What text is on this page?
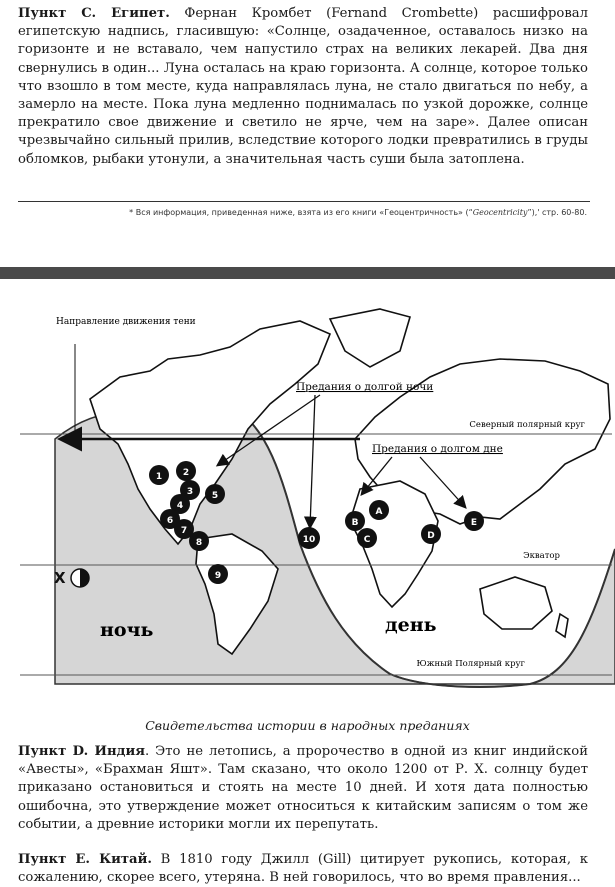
Пункт C. Египет. Фернан Кромбет (Fernand Crombette) расшифровал египетскую надпись, гласившую: «Солнце, озадаченное, оставалось низко на горизонте и не вставало, чем напустило страх на великих лекарей. Два дня свернулись в один... Луна осталась на краю горизонта. А солнце, которое только что взошло в том месте, куда направлялась луна, не стало двигаться по небу, а замерло на месте. Пока луна медленно поднималась по узкой дорожке, солнце прекратило свое движение и светило не ярче, чем на заре». Далее описан чрезвычайно сильный прилив, вследствие которого лодки превратились в груды обломков, рыбаки утонули, а значительная часть суши была затоплена.

* Вся информация, приведенная ниже, взята из его книги «Геоцентричность» (“Geocentricity”),' стр. 60-80.

Северный полярный круг
Экватор
Южный Полярный круг
Направление движения тени
Предания о долгой ночи
Предания о долгом дне
1 2
3
4
5
6
7
8
9
10
A
B
C	D
E
X
ночь	день

Свидетельства истории в народных преданиях

Пункт D. Индия. Это не летопись, а пророчество в одной из книг индийской «Авесты», «Брахман Яшт». Там сказано, что около 1200 от Р. Х. солнцу будет приказано остановиться и стоять на месте 10 дней. И хотя дата полностью ошибочна, это утверждение может относиться к китайским записям о том же событии, а древние историки могли их перепутать.

Пункт E. Китай. В 1810 году Джилл (Gill) цитирует рукопись, которая, к сожалению, скорее всего, утеряна. В ней говорилось, что во время правления...
